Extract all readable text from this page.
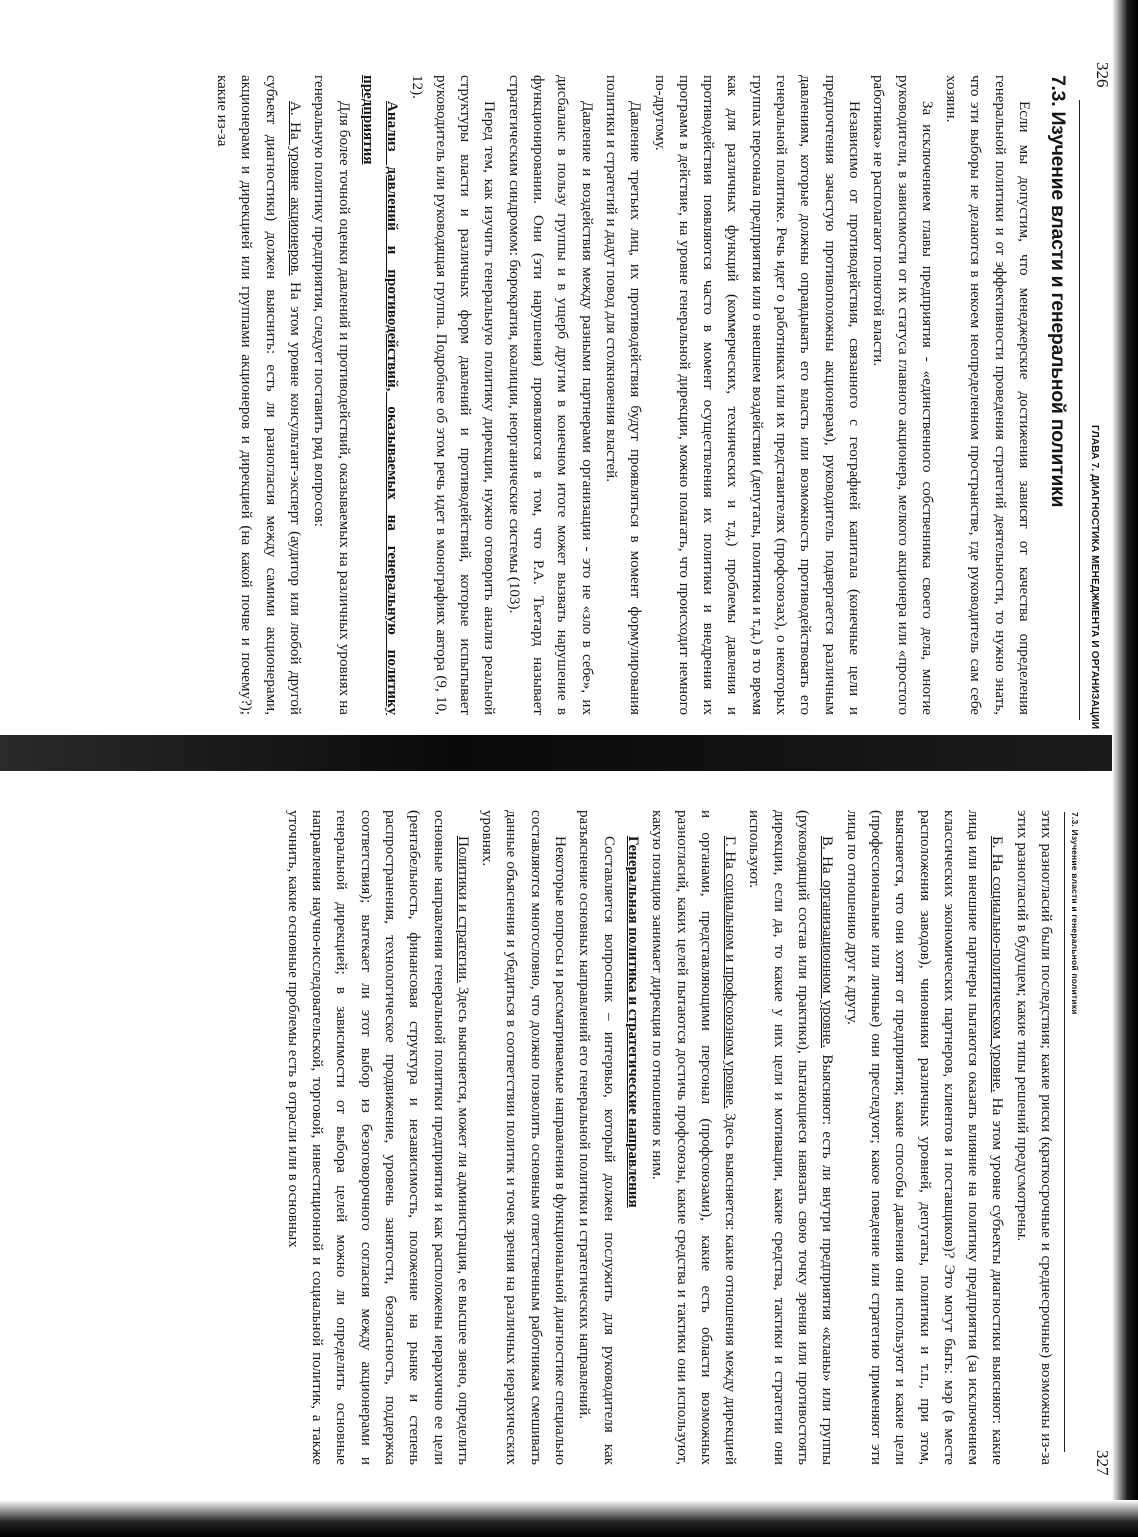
326
ГЛАВА 7. ДИАГНОСТИКА МЕНЕДЖМЕНТА И ОРГАНИЗАЦИИ
7.3. Изучение власти и генеральной политики

Если мы допустим, что менеджерские достижения зависят от качества определения генеральной политики и от эффективности проведения стратегий деятельности, то нужно знать, что эти выборы не делаются в некоем неопределенном пространстве, где руководитель сам себе хозяин.

За исключением главы предприятия - «единственного собственника своего дела, многие руководители, в зависимости от их статуса главного акционера, мелкого акционера или «простого работника» не располагают полнотой власти.

Независимо от противодействия, связанного с географией капитала (конечные цели и предпочтения зачастую противоположны акционерам), руководитель подвергается различным давлениям, которые должны оправдывать его власть или возможность противодействовать его генеральной политике. Речь идет о работниках или их представителях (профсоюзах), о некоторых группах персонала предприятия или о внешнем воздействии (депутаты, политики и т.д.) в то время как для различных функций (коммерческих, технических и т.д.) проблемы давления и противодействия появляются часто в момент осуществления их политики и внедрения их программ в действие, на уровне генеральной дирекции, можно полагать, что происходит немного по-другому.

Давление третьих лиц, их противодействия будут проявляться в момент формулирования политики и стратегий и дадут повод для столкновения властей.

Давление и воздействия между разными партнерами организации - это не «зло в себе», их дисбаланс в пользу группы и в ущерб другим в конечном итоге может вызвать нарушение в функционировании. Они (эти нарушения) проявляются в том, что Р.А. Тьетард называет стратегическим синдромом: бюрократия, коалиции, неорганические системы (103).

Перед тем, как изучить генеральную политику дирекции, нужно оговорить анализ реальной структуры власти и различных форм давлений и противодействий, которые испытывает руководитель или руководящая группа. Подробнее об этом речь идет в монографиях автора (9, 10, 12).

Анализ давлений и противодействий, оказываемых на генеральную политику предприятия

Для более точной оценки давлений и противодействий, оказываемых на различных уровнях на генеральную политику предприятия, следует поставить ряд вопросов:

А. На уровне акционеров. На этом уровне консультант-эксперт (аудитор или любой другой субъект диагностики) должен выяснить: есть ли разногласия между самими акционерами, акционерами и дирекцией или группами акционеров и дирекцией (на какой почве и почему?); какие из-за

327
7.3. Изучение власти и генеральной политики

этих разногласий были последствия; какие риски (краткосрочные и среднесрочные) возможны из-за этих разногласий в будущем; какие типы решений предусмотрены.

Б. На социально-политическом уровне. На этом уровне субъекты диагностики выясняют: какие лица или внешние партнеры пытаются оказать влияние на политику предприятия (за исключением классических экономических партнеров, клиентов и поставщиков)? Это могут быть: мэр (в месте расположения заводов), чиновники различных уровней, депутаты, политики и т.п., при этом, выясняется, что они хотят от предприятия; какие способы давления они используют и какие цели (профессиональные или личные) они преследуют; какое поведение или стратегию применяют эти лица по отношению друг к другу.

В. На организационном уровне. Выясняют: есть ли внутри предприятия «кланы» или группы (руководящий состав или практики), пытающиеся навязать свою точку зрения или противостоять дирекции, если да, то какие у них цели и мотивации, какие средства, тактики и стратегии они используют.

Г. На социальном и профсоюзном уровне. Здесь выясняется: какие отношения между дирекцией и органами, представляющими персонал (профсоюзами), какие есть области возможных разногласий, каких целей пытаются достичь профсоюзы, какие средства и тактики они используют, какую позицию занимает дирекция по отношению к ним.

Генеральная политика и стратегические направления

Составляется вопросник – интервью, который должен послужить для руководителя как разъяснение основных направлений его генеральной политики и стратегических направлений.

Некоторые вопросы и рассматриваемые направления в функциональной диагностике специально составляются многословно, что должно позволить основным ответственным работникам смешивать данные объяснения и убедиться в соответствии политик и точек зрения на различных иерархических уровнях.

Политики и стратегии. Здесь выясняется, может ли администрация, ее высшее звено, определить основные направления генеральной политики предприятия и как расположены иерархично ее цели (рентабельность, финансовая структура и независимость, положение на рынке и степень распространения, технологическое продвижение, уровень занятости, безопасность, поддержка соответствия); вытекает ли этот выбор из безоговорочного согласия между акционерами и генеральной дирекцией; в зависимости от выбора целей можно ли определить основные направления научно-исследовательской, торговой, инвестиционной и социальной политик, а также уточнить, какие основные проблемы есть в отрасли или в основных
